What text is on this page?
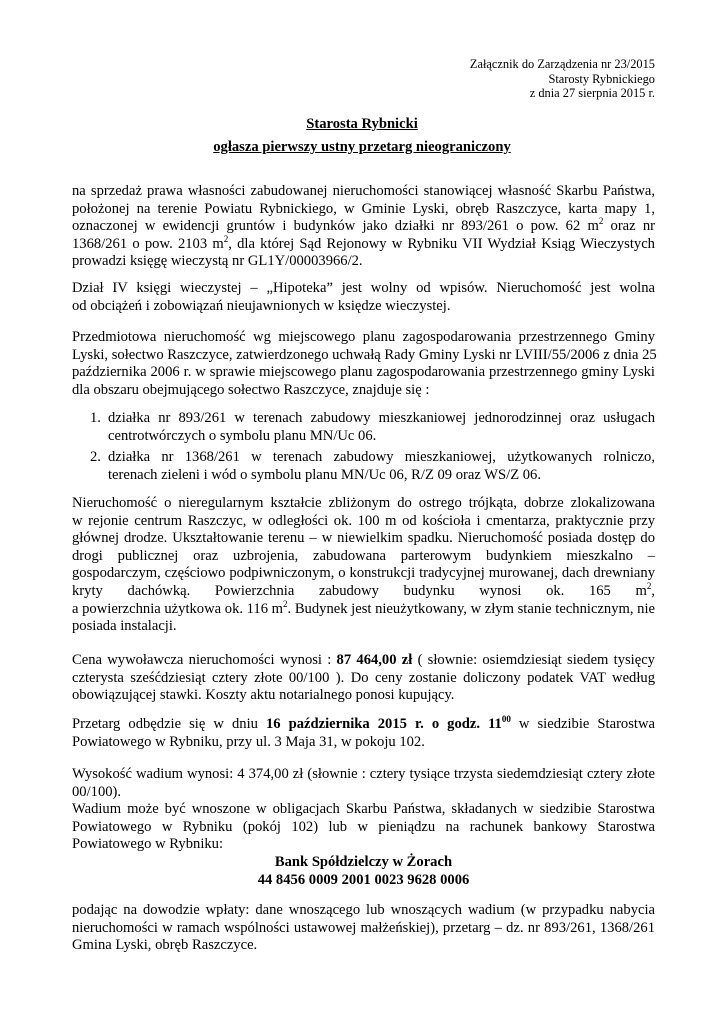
Załącznik do Zarządzenia nr 23/2015
Starosty Rybnickiego
z dnia 27 sierpnia 2015 r.
Starosta Rybnicki
ogłasza pierwszy ustny przetarg nieograniczony
na sprzedaż prawa własności zabudowanej nieruchomości stanowiącej własność Skarbu Państwa,
położonej na terenie Powiatu Rybnickiego, w Gminie Lyski, obręb Raszczyce, karta mapy 1,
oznaczonej w ewidencji gruntów i budynków jako działki nr 893/261 o pow. 62 $m^2$ oraz nr
1368/261 o pow. 2103 $m^2$, dla której Sąd Rejonowy w Rybniku VII Wydział Ksiąg Wieczystych
prowadzi księgę wieczystą nr GL1Y/00003966/2.
Dział IV księgi wieczystej – „Hipoteka” jest wolny od wpisów. Nieruchomość jest wolna
od obciążeń i zobowiązań nieujawnionych w księdze wieczystej.
Przedmiotowa nieruchomość wg miejscowego planu zagospodarowania przestrzennego Gminy
Lyski, sołectwo Raszczyce, zatwierdzonego uchwałą Rady Gminy Lyski nr LVIII/55/2006 z dnia 25
października 2006 r. w sprawie miejscowego planu zagospodarowania przestrzennego gminy Lyski
dla obszaru obejmującego sołectwo Raszczyce, znajduje się :
1. działka nr 893/261 w terenach zabudowy mieszkaniowej jednorodzinnej oraz usługach
centrotwórczych o symbolu planu MN/Uc 06.
2. działka nr 1368/261 w terenach zabudowy mieszkaniowej, użytkowanych rolniczo,
terenach zieleni i wód o symbolu planu MN/Uc 06, R/Z 09 oraz WS/Z 06.
Nieruchomość o nieregularnym kształcie zbliżonym do ostrego trójkąta, dobrze zlokalizowana
w rejonie centrum Raszczyc, w odległości ok. 100 m od kościoła i cmentarza, praktycznie przy
głównej drodze. Ukształtowanie terenu – w niewielkim spadku. Nieruchomość posiada dostęp do
drogi publicznej oraz uzbrojenia, zabudowana parterowym budynkiem mieszkalno –
gospodarczym, częściowo podpiwniczonym, o konstrukcji tradycyjnej murowanej, dach drewniany
kryty dachówką. Powierzchnia zabudowy budynku wynosi ok. 165 $m^2$,
a powierzchnia użytkowa ok. 116 $m^2$. Budynek jest nieużytkowany, w złym stanie technicznym, nie
posiada instalacji.
Cena wywoławcza nieruchomości wynosi : 87 464,00 zł ( słownie: osiemdziesiąt siedem tysięcy
czterysta sześćdziesiąt cztery złote 00/100 ). Do ceny zostanie doliczony podatek VAT według
obowiązującej stawki. Koszty aktu notarialnego ponosi kupujący.
Przetarg odbędzie się w dniu 16 października 2015 r. o godz. $11^{00}$ w siedzibie Starostwa
Powiatowego w Rybniku, przy ul. 3 Maja 31, w pokoju 102.
Wysokość wadium wynosi: 4 374,00 zł (słownie : cztery tysiące trzysta siedemdziesiąt cztery złote
00/100).
Wadium może być wnoszone w obligacjach Skarbu Państwa, składanych w siedzibie Starostwa
Powiatowego w Rybniku (pokój 102) lub w pieniądzu na rachunek bankowy Starostwa
Powiatowego w Rybniku:
Bank Spółdzielczy w Żorach
44 8456 0009 2001 0023 9628 0006
podając na dowodzie wpłaty: dane wnoszącego lub wnoszących wadium (w przypadku nabycia
nieruchomości w ramach wspólności ustawowej małżeńskiej), przetarg – dz. nr 893/261, 1368/261
Gmina Lyski, obręb Raszczyce.
